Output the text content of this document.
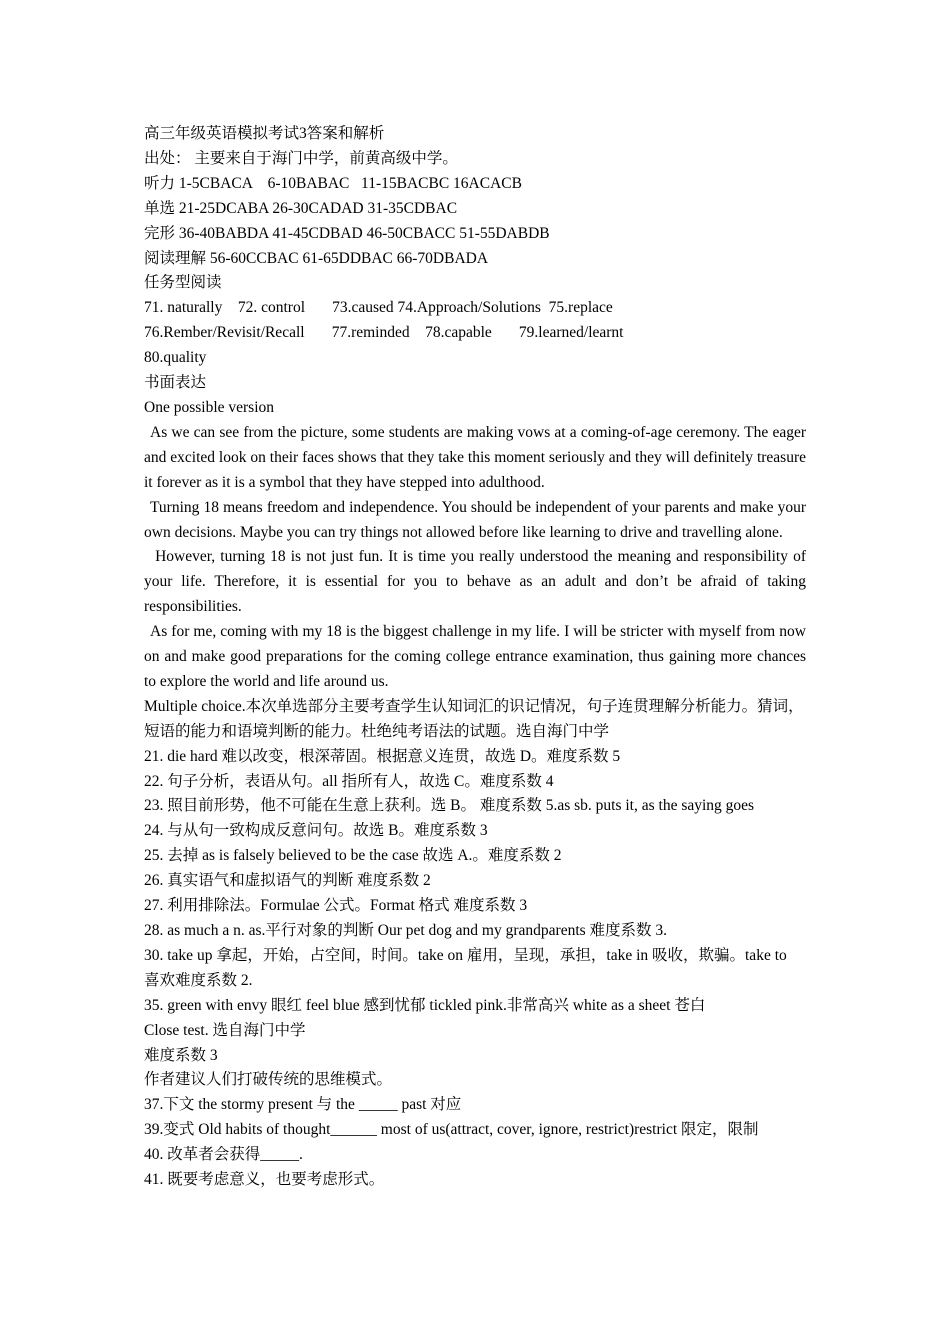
高三年级英语模拟考试3答案和解析
出处： 主要来自于海门中学，前黄高级中学。
听力 1-5CBACA    6-10BABAC   11-15BACBC 16ACACB
单选 21-25DCABA 26-30CADAD 31-35CDBAC
完形 36-40BABDA 41-45CDBAD 46-50CBACC 51-55DABDB
阅读理解 56-60CCBAC 61-65DDBAC 66-70DBADA
任务型阅读
71. naturally    72. control       73.caused 74.Approach/Solutions  75.replace
76.Rember/Revisit/Recall       77.reminded    78.capable       79.learned/learnt
80.quality
书面表达
One possible version
As we can see from the picture, some students are making vows at a coming-of-age ceremony. The eager and excited look on their faces shows that they take this moment seriously and they will definitely treasure it forever as it is a symbol that they have stepped into adulthood.
Turning 18 means freedom and independence. You should be independent of your parents and make your own decisions. Maybe you can try things not allowed before like learning to drive and travelling alone.
However, turning 18 is not just fun. It is time you really understood the meaning and responsibility of your life. Therefore, it is essential for you to behave as an adult and don’t be afraid of taking responsibilities.
As for me, coming with my 18 is the biggest challenge in my life. I will be stricter with myself from now on and make good preparations for the coming college entrance examination, thus gaining more chances to explore the world and life around us.
Multiple choice.本次单选部分主要考查学生认知词汇的识记情况，句子连贯理解分析能力。猜词，短语的能力和语境判断的能力。杜绝纯考语法的试题。选自海门中学
21. die hard 难以改变，根深蒂固。根据意义连贯，故选 D。难度系数 5
22. 句子分析，表语从句。all 指所有人，故选 C。难度系数 4
23. 照目前形势，他不可能在生意上获利。选 B。 难度系数 5.as sb. puts it, as the saying goes
24. 与从句一致构成反意问句。故选 B。难度系数 3
25. 去掉 as is falsely believed to be the case 故选 A.。难度系数 2
26. 真实语气和虚拟语气的判断 难度系数 2
27. 利用排除法。Formulae 公式。Format 格式 难度系数 3
28. as much a n. as.平行对象的判断 Our pet dog and my grandparents 难度系数 3.
30. take up 拿起，开始，占空间，时间。take on 雇用，呈现，承担，take in 吸收，欺骗。take to 喜欢难度系数 2.
35. green with envy 眼红 feel blue 感到忧郁 tickled pink.非常高兴 white as a sheet 苍白
Close test. 选自海门中学
难度系数 3
作者建议人们打破传统的思维模式。
37.下文 the stormy present 与 the _____ past 对应
39.变式 Old habits of thought______ most of us(attract, cover, ignore, restrict)restrict 限定，限制
40. 改革者会获得_____.
41. 既要考虑意义，也要考虑形式。
